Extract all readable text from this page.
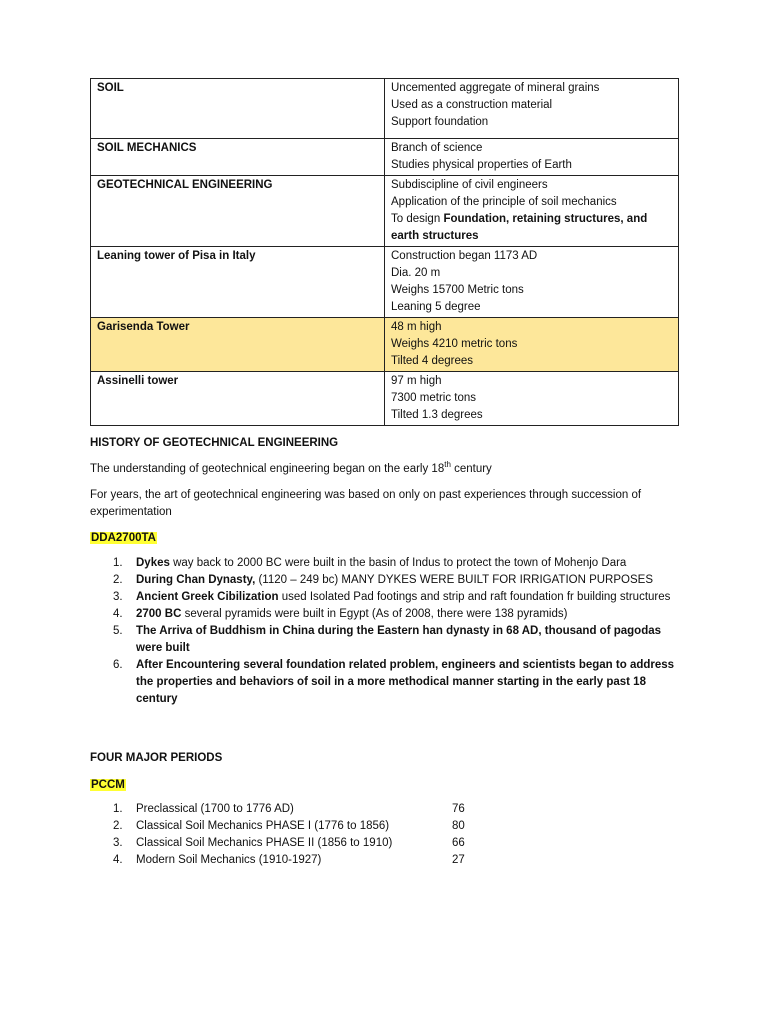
SOIL	Uncemented aggregate of mineral grains
Used as a construction material
Support foundation

SOIL MECHANICS	Branch of science
Studies physical properties of Earth

GEOTECHNICAL ENGINEERING	Subdiscipline of civil engineers
Application of the principle of soil mechanics
To design Foundation, retaining structures, and earth structures

Leaning tower of Pisa in Italy	Construction began 1173 AD
Dia. 20 m
Weighs 15700 Metric tons
Leaning 5 degree

Garisenda Tower	48 m high
Weighs 4210 metric tons
Tilted 4 degrees

Assinelli tower	97 m high
7300 metric tons
Tilted 1.3 degrees
HISTORY OF GEOTECHNICAL ENGINEERING
The understanding of geotechnical engineering began on the early 18th century
For years, the art of geotechnical engineering was based on only on past experiences through succession of experimentation
DDA2700TA
1. Dykes way back to 2000 BC were built in the basin of Indus to protect the town of Mohenjo Dara
2. During Chan Dynasty, (1120 – 249 bc) MANY DYKES WERE BUILT FOR IRRIGATION PURPOSES
3. Ancient Greek Cibilization used Isolated Pad footings and strip and raft foundation fr building structures
4. 2700 BC several pyramids were built in Egypt (As of 2008, there were 138 pyramids)
5. The Arriva of Buddhism in China during the Eastern han dynasty in 68 AD, thousand of pagodas were built
6. After Encountering several foundation related problem, engineers and scientists began to address the properties and behaviors of soil in a more methodical manner starting in the early past 18 century
FOUR MAJOR PERIODS
PCCM
1. Preclassical (1700 to 1776 AD)	76
2. Classical Soil Mechanics PHASE I (1776 to 1856)	80
3. Classical Soil Mechanics PHASE II (1856 to 1910)	66
4. Modern Soil Mechanics (1910-1927)	27
